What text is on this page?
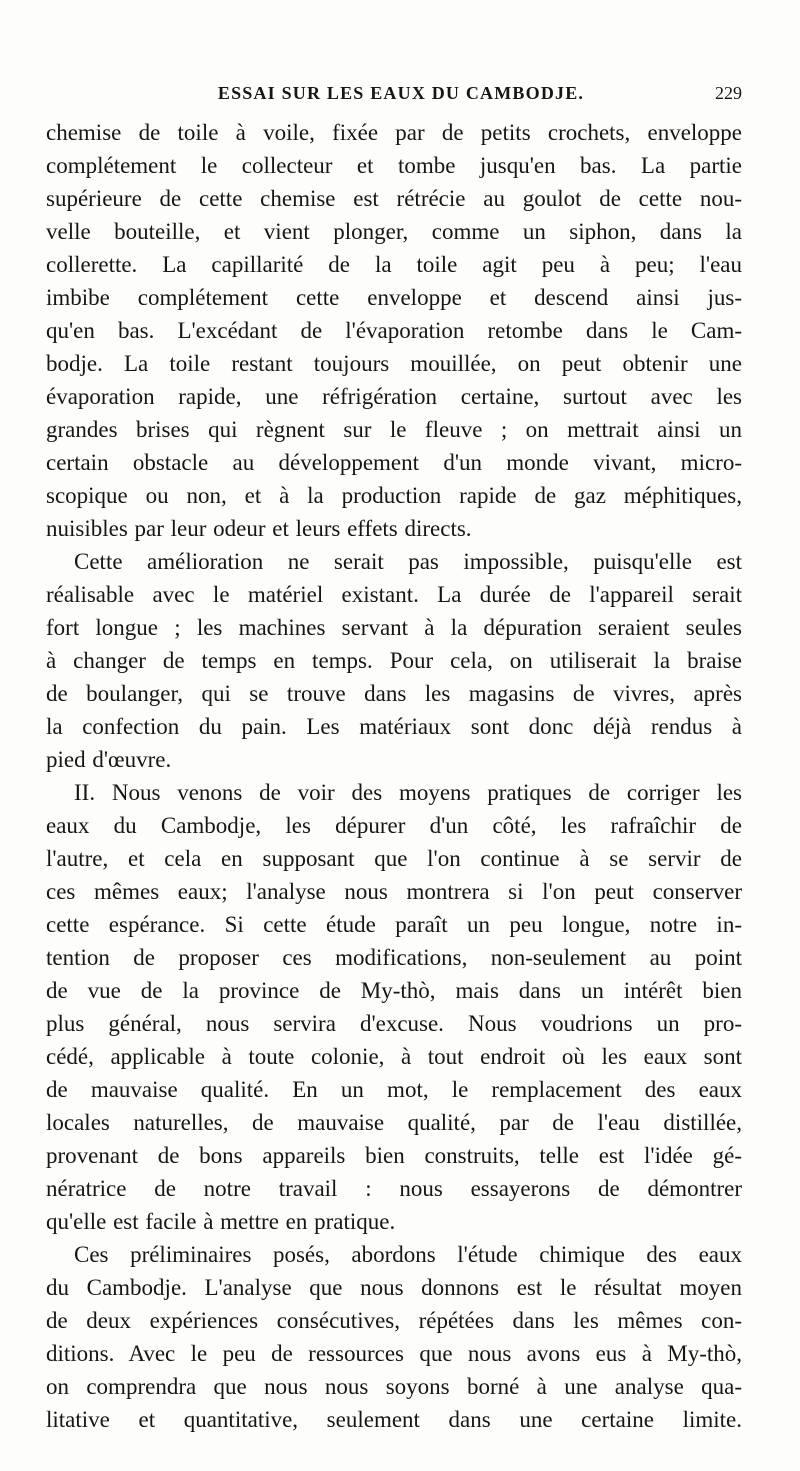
ESSAI SUR LES EAUX DU CAMBODJE.	229
chemise de toile à voile, fixée par de petits crochets, enveloppe
complétement le collecteur et tombe jusqu'en bas. La partie
supérieure de cette chemise est rétrécie au goulot de cette nou-
velle bouteille, et vient plonger, comme un siphon, dans la
collerette. La capillarité de la toile agit peu à peu; l'eau
imbibe complétement cette enveloppe et descend ainsi jus-
qu'en bas. L'excédant de l'évaporation retombe dans le Cam-
bodje. La toile restant toujours mouillée, on peut obtenir une
évaporation rapide, une réfrigération certaine, surtout avec les
grandes brises qui règnent sur le fleuve ; on mettrait ainsi un
certain obstacle au développement d'un monde vivant, micro-
scopique ou non, et à la production rapide de gaz méphitiques,
nuisibles par leur odeur et leurs effets directs.
Cette amélioration ne serait pas impossible, puisqu'elle est
réalisable avec le matériel existant. La durée de l'appareil serait
fort longue ; les machines servant à la dépuration seraient seules
à changer de temps en temps. Pour cela, on utiliserait la braise
de boulanger, qui se trouve dans les magasins de vivres, après
la confection du pain. Les matériaux sont donc déjà rendus à
pied d'œuvre.
II. Nous venons de voir des moyens pratiques de corriger les
eaux du Cambodje, les dépurer d'un côté, les rafraîchir de
l'autre, et cela en supposant que l'on continue à se servir de
ces mêmes eaux; l'analyse nous montrera si l'on peut conserver
cette espérance. Si cette étude paraît un peu longue, notre in-
tention de proposer ces modifications, non-seulement au point
de vue de la province de My-thò, mais dans un intérêt bien
plus général, nous servira d'excuse. Nous voudrions un pro-
cédé, applicable à toute colonie, à tout endroit où les eaux sont
de mauvaise qualité. En un mot, le remplacement des eaux
locales naturelles, de mauvaise qualité, par de l'eau distillée,
provenant de bons appareils bien construits, telle est l'idée gé-
nératrice de notre travail : nous essayerons de démontrer
qu'elle est facile à mettre en pratique.
Ces préliminaires posés, abordons l'étude chimique des eaux
du Cambodje. L'analyse que nous donnons est le résultat moyen
de deux expériences consécutives, répétées dans les mêmes con-
ditions. Avec le peu de ressources que nous avons eus à My-thò,
on comprendra que nous nous soyons borné à une analyse qua-
litative et quantitative, seulement dans une certaine limite.
